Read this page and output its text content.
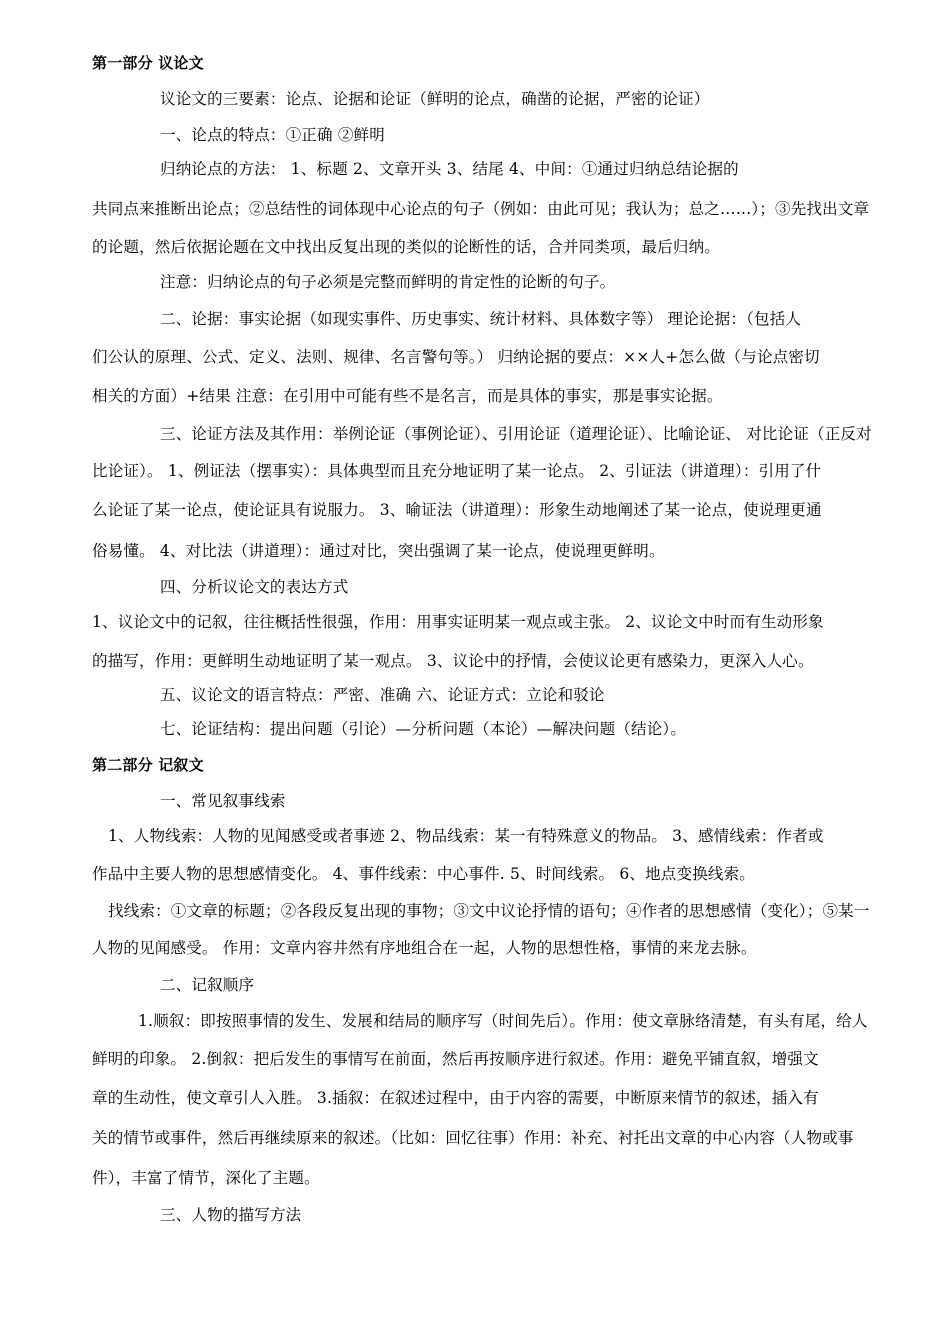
第一部分 议论文
议论文的三要素：论点、论据和论证（鲜明的论点，确凿的论据，严密的论证）
一、论点的特点：①正确 ②鲜明
归纳论点的方法： 1、标题 2、文章开头 3、结尾 4、中间：①通过归纳总结论据的
共同点来推断出论点；②总结性的词体现中心论点的句子（例如：由此可见；我认为；总之……）；③先找出文章
的论题，然后依据论题在文中找出反复出现的类似的论断性的话，合并同类项，最后归纳。
注意：归纳论点的句子必须是完整而鲜明的肯定性的论断的句子。
二、论据：事实论据（如现实事件、历史事实、统计材料、具体数字等） 理论论据：（包括人
们公认的原理、公式、定义、法则、规律、名言警句等。） 归纳论据的要点：××人+怎么做（与论点密切
相关的方面）+结果 注意：在引用中可能有些不是名言，而是具体的事实，那是事实论据。
三、论证方法及其作用：举例论证（事例论证）、引用论证（道理论证）、比喻论证、 对比论证（正反对
比论证）。 1、例证法（摆事实）：具体典型而且充分地证明了某一论点。 2、引证法（讲道理）：引用了什
么论证了某一论点，使论证具有说服力。 3、喻证法（讲道理）：形象生动地阐述了某一论点，使说理更通
俗易懂。 4、对比法（讲道理）：通过对比，突出强调了某一论点，使说理更鲜明。
四、分析议论文的表达方式
1、议论文中的记叙，往往概括性很强，作用：用事实证明某一观点或主张。 2、议论文中时而有生动形象
的描写，作用：更鲜明生动地证明了某一观点。 3、议论中的抒情，会使议论更有感染力，更深入人心。
五、议论文的语言特点：严密、准确 六、论证方式：立论和驳论
七、论证结构：提出问题（引论）—分析问题（本论）—解决问题（结论）。
第二部分 记叙文
一、常见叙事线索
1、人物线索：人物的见闻感受或者事迹 2、物品线索：某一有特殊意义的物品。 3、感情线索：作者或
作品中主要人物的思想感情变化。 4、事件线索：中心事件. 5、时间线索。 6、地点变换线索。
找线索：①文章的标题；②各段反复出现的事物；③文中议论抒情的语句；④作者的思想感情（变化）；⑤某一
人物的见闻感受。 作用：文章内容井然有序地组合在一起，人物的思想性格，事情的来龙去脉。
二、记叙顺序
1.顺叙：即按照事情的发生、发展和结局的顺序写（时间先后）。作用：使文章脉络清楚，有头有尾，给人
鲜明的印象。 2.倒叙：把后发生的事情写在前面，然后再按顺序进行叙述。作用：避免平铺直叙，增强文
章的生动性，使文章引人入胜。 3.插叙：在叙述过程中，由于内容的需要，中断原来情节的叙述，插入有
关的情节或事件，然后再继续原来的叙述。（比如：回忆往事）作用：补充、衬托出文章的中心内容（人物或事
件），丰富了情节，深化了主题。
三、人物的描写方法
